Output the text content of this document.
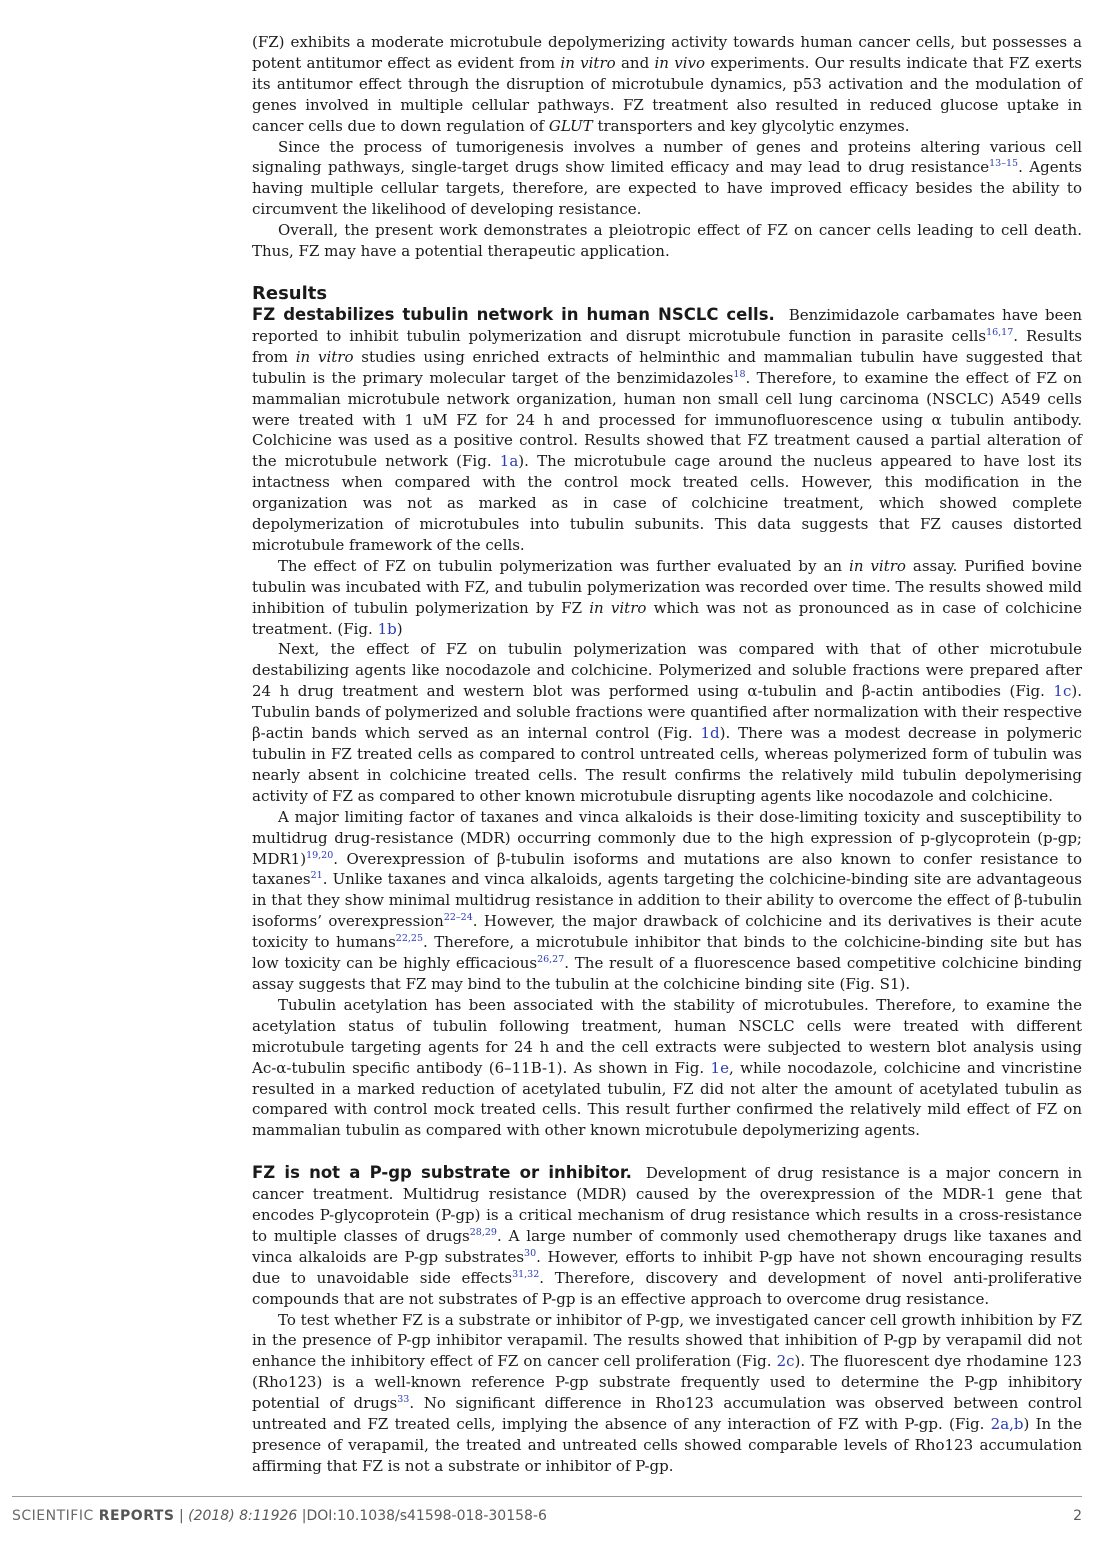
(FZ) exhibits a moderate microtubule depolymerizing activity towards human cancer cells, but possesses a potent antitumor effect as evident from in vitro and in vivo experiments. Our results indicate that FZ exerts its antitumor effect through the disruption of microtubule dynamics, p53 activation and the modulation of genes involved in multiple cellular pathways. FZ treatment also resulted in reduced glucose uptake in cancer cells due to down regulation of GLUT transporters and key glycolytic enzymes.

Since the process of tumorigenesis involves a number of genes and proteins altering various cell signaling pathways, single-target drugs show limited efficacy and may lead to drug resistance$^{13-15}$. Agents having multiple cellular targets, therefore, are expected to have improved efficacy besides the ability to circumvent the likelihood of developing resistance.

Overall, the present work demonstrates a pleiotropic effect of FZ on cancer cells leading to cell death. Thus, FZ may have a potential therapeutic application.

Results

FZ destabilizes tubulin network in human NSCLC cells. Benzimidazole carbamates have been reported to inhibit tubulin polymerization and disrupt microtubule function in parasite cells$^{16,17}$. Results from in vitro studies using enriched extracts of helminthic and mammalian tubulin have suggested that tubulin is the primary molecular target of the benzimidazoles$^{18}$. Therefore, to examine the effect of FZ on mammalian microtubule network organization, human non small cell lung carcinoma (NSCLC) A549 cells were treated with 1 uM FZ for 24 h and processed for immunofluorescence using α tubulin antibody. Colchicine was used as a positive control. Results showed that FZ treatment caused a partial alteration of the microtubule network (Fig. 1a). The microtubule cage around the nucleus appeared to have lost its intactness when compared with the control mock treated cells. However, this modification in the organization was not as marked as in case of colchicine treatment, which showed complete depolymerization of microtubules into tubulin subunits. This data suggests that FZ causes distorted microtubule framework of the cells.

The effect of FZ on tubulin polymerization was further evaluated by an in vitro assay. Purified bovine tubulin was incubated with FZ, and tubulin polymerization was recorded over time. The results showed mild inhibition of tubulin polymerization by FZ in vitro which was not as pronounced as in case of colchicine treatment. (Fig. 1b)

Next, the effect of FZ on tubulin polymerization was compared with that of other microtubule destabilizing agents like nocodazole and colchicine. Polymerized and soluble fractions were prepared after 24 h drug treatment and western blot was performed using α-tubulin and β-actin antibodies (Fig. 1c). Tubulin bands of polymerized and soluble fractions were quantified after normalization with their respective β-actin bands which served as an internal control (Fig. 1d). There was a modest decrease in polymeric tubulin in FZ treated cells as compared to control untreated cells, whereas polymerized form of tubulin was nearly absent in colchicine treated cells. The result confirms the relatively mild tubulin depolymerising activity of FZ as compared to other known microtubule disrupting agents like nocodazole and colchicine.

A major limiting factor of taxanes and vinca alkaloids is their dose-limiting toxicity and susceptibility to multidrug drug-resistance (MDR) occurring commonly due to the high expression of p-glycoprotein (p-gp; MDR1)$^{19,20}$. Overexpression of β-tubulin isoforms and mutations are also known to confer resistance to taxanes$^{21}$. Unlike taxanes and vinca alkaloids, agents targeting the colchicine-binding site are advantageous in that they show minimal multidrug resistance in addition to their ability to overcome the effect of β-tubulin isoforms’ overexpression$^{22-24}$. However, the major drawback of colchicine and its derivatives is their acute toxicity to humans$^{22,25}$. Therefore, a microtubule inhibitor that binds to the colchicine-binding site but has low toxicity can be highly efficacious$^{26,27}$. The result of a fluorescence based competitive colchicine binding assay suggests that FZ may bind to the tubulin at the colchicine binding site (Fig. S1).

Tubulin acetylation has been associated with the stability of microtubules. Therefore, to examine the acetylation status of tubulin following treatment, human NSCLC cells were treated with different microtubule targeting agents for 24 h and the cell extracts were subjected to western blot analysis using Ac-α-tubulin specific antibody (6–11B-1). As shown in Fig. 1e, while nocodazole, colchicine and vincristine resulted in a marked reduction of acetylated tubulin, FZ did not alter the amount of acetylated tubulin as compared with control mock treated cells. This result further confirmed the relatively mild effect of FZ on mammalian tubulin as compared with other known microtubule depolymerizing agents.

FZ is not a P-gp substrate or inhibitor. Development of drug resistance is a major concern in cancer treatment. Multidrug resistance (MDR) caused by the overexpression of the MDR-1 gene that encodes P-glycoprotein (P-gp) is a critical mechanism of drug resistance which results in a cross-resistance to multiple classes of drugs$^{28,29}$. A large number of commonly used chemotherapy drugs like taxanes and vinca alkaloids are P-gp substrates$^{30}$. However, efforts to inhibit P-gp have not shown encouraging results due to unavoidable side effects$^{31,32}$. Therefore, discovery and development of novel anti-proliferative compounds that are not substrates of P-gp is an effective approach to overcome drug resistance.

To test whether FZ is a substrate or inhibitor of P-gp, we investigated cancer cell growth inhibition by FZ in the presence of P-gp inhibitor verapamil. The results showed that inhibition of P-gp by verapamil did not enhance the inhibitory effect of FZ on cancer cell proliferation (Fig. 2c). The fluorescent dye rhodamine 123 (Rho123) is a well-known reference P-gp substrate frequently used to determine the P-gp inhibitory potential of drugs$^{33}$. No significant difference in Rho123 accumulation was observed between control untreated and FZ treated cells, implying the absence of any interaction of FZ with P-gp. (Fig. 2a,b) In the presence of verapamil, the treated and untreated cells showed comparable levels of Rho123 accumulation affirming that FZ is not a substrate or inhibitor of P-gp.

SCIENTIFIC REPORTS | (2018) 8:11926 |DOI:10.1038/s41598-018-30158-6	2
